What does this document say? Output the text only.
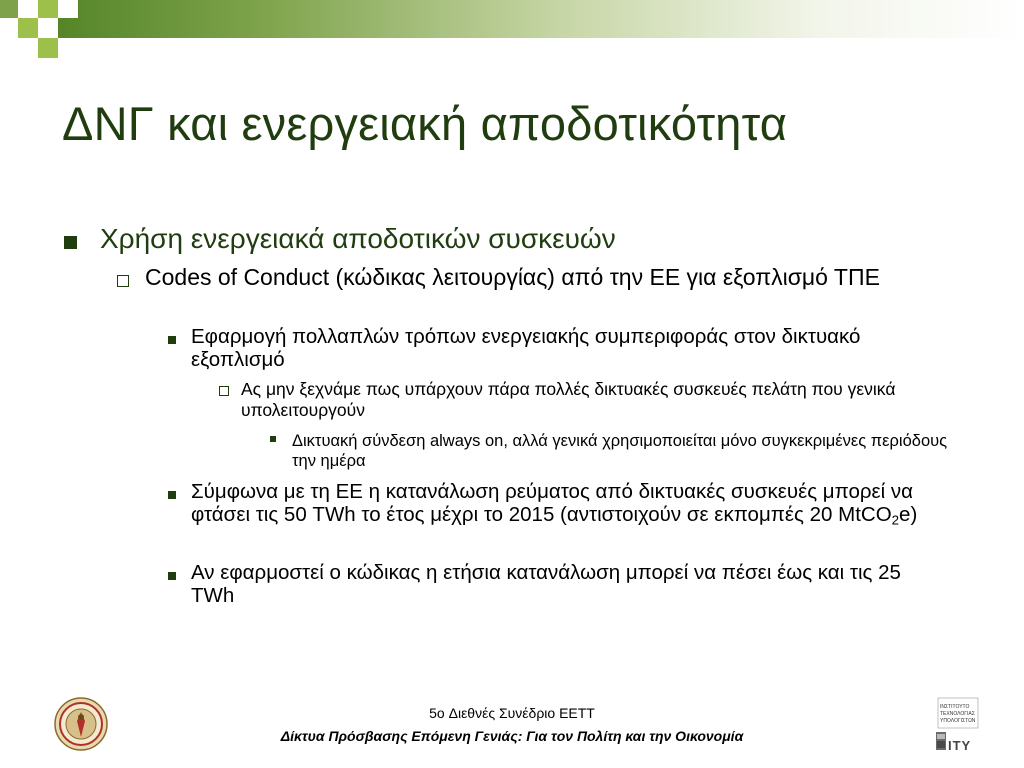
ΔΝΓ και ενεργειακή αποδοτικότητα
Χρήση ενεργειακά αποδοτικών συσκευών
Codes of Conduct (κώδικας λειτουργίας) από την ΕΕ για εξοπλισμό ΤΠΕ
Εφαρμογή πολλαπλών τρόπων ενεργειακής συμπεριφοράς στον δικτυακό εξοπλισμό
Ας μην ξεχνάμε πως υπάρχουν πάρα πολλές δικτυακές συσκευές πελάτη που γενικά υπολειτουργούν
Δικτυακή σύνδεση always on, αλλά γενικά χρησιμοποιείται μόνο συγκεκριμένες περιόδους την ημέρα
Σύμφωνα με τη ΕΕ η κατανάλωση ρεύματος από δικτυακές συσκευές μπορεί να φτάσει τις 50 TWh το έτος μέχρι το 2015 (αντιστοιχούν σε εκπομπές 20 MtCO$_2$e)
Αν εφαρμοστεί ο κώδικας η ετήσια κατανάλωση μπορεί να πέσει έως και τις 25 TWh
5o Διεθνές Συνέδριο ΕΕΤΤ
Δίκτυα Πρόσβασης Επόμενη Γενιάς: Για τον Πολίτη και την Οικονομία
ΙΝΣΤΙΤΟΥΤΟ
ΤΕΧΝΟΛΟΓΙΑΣ
ΥΠΟΛΟΓΙΣΤΩΝ
ITY
